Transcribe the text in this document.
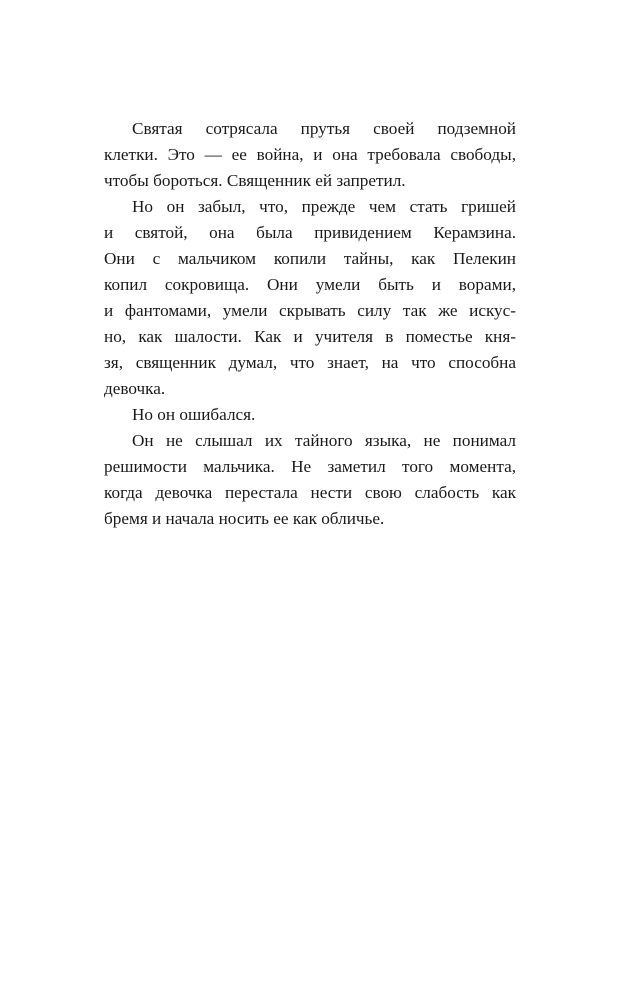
Святая сотрясала прутья своей подземной
клетки. Это — ее война, и она требовала свободы,
чтобы бороться. Священник ей запретил.
Но он забыл, что, прежде чем стать гришей
и святой, она была привидением Керамзина.
Они с мальчиком копили тайны, как Пелекин
копил сокровища. Они умели быть и ворами,
и фантомами, умели скрывать силу так же искус-
но, как шалости. Как и учителя в поместье кня-
зя, священник думал, что знает, на что способна
девочка.
Но он ошибался.
Он не слышал их тайного языка, не понимал
решимости мальчика. Не заметил того момента,
когда девочка перестала нести свою слабость как
бремя и начала носить ее как обличье.
